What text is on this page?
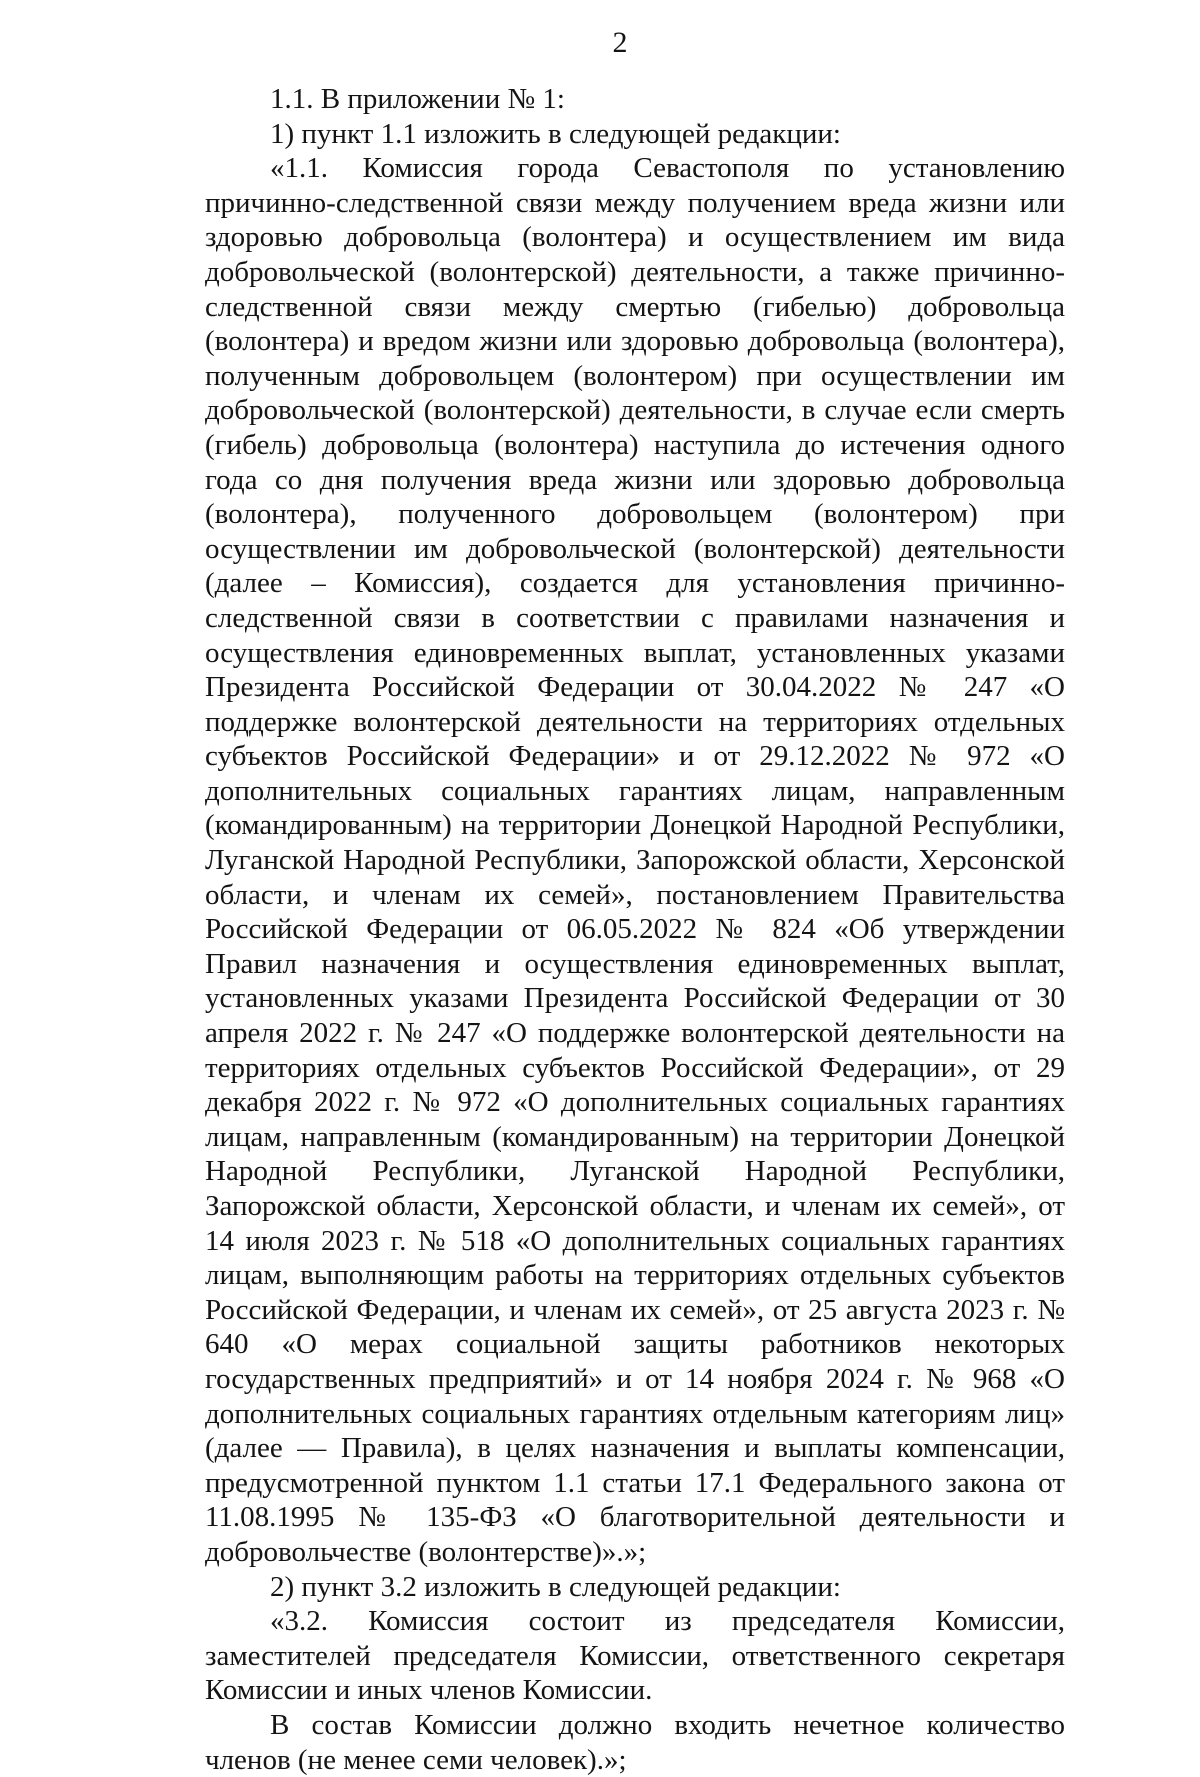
2

1.1. В приложении № 1:

1) пункт 1.1 изложить в следующей редакции:

«1.1. Комиссия города Севастополя по установлению причинно-следственной связи между получением вреда жизни или здоровью добровольца (волонтера) и осуществлением им вида добровольческой (волонтерской) деятельности, а также причинно-следственной связи между смертью (гибелью) добровольца (волонтера) и вредом жизни или здоровью добровольца (волонтера), полученным добровольцем (волонтером) при осуществлении им добровольческой (волонтерской) деятельности, в случае если смерть (гибель) добровольца (волонтера) наступила до истечения одного года со дня получения вреда жизни или здоровью добровольца (волонтера), полученного добровольцем (волонтером) при осуществлении им добровольческой (волонтерской) деятельности (далее – Комиссия), создается для установления причинно-следственной связи в соответствии с правилами назначения и осуществления единовременных выплат, установленных указами Президента Российской Федерации от 30.04.2022 № 247 «О поддержке волонтерской деятельности на территориях отдельных субъектов Российской Федерации» и от 29.12.2022 № 972 «О дополнительных социальных гарантиях лицам, направленным (командированным) на территории Донецкой Народной Республики, Луганской Народной Республики, Запорожской области, Херсонской области, и членам их семей», постановлением Правительства Российской Федерации от 06.05.2022 № 824 «Об утверждении Правил назначения и осуществления единовременных выплат, установленных указами Президента Российской Федерации от 30 апреля 2022 г. № 247 «О поддержке волонтерской деятельности на территориях отдельных субъектов Российской Федерации», от 29 декабря 2022 г. № 972 «О дополнительных социальных гарантиях лицам, направленным (командированным) на территории Донецкой Народной Республики, Луганской Народной Республики, Запорожской области, Херсонской области, и членам их семей», от 14 июля 2023 г. № 518 «О дополнительных социальных гарантиях лицам, выполняющим работы на территориях отдельных субъектов Российской Федерации, и членам их семей», от 25 августа 2023 г. № 640 «О мерах социальной защиты работников некоторых государственных предприятий» и от 14 ноября 2024 г. № 968 «О дополнительных социальных гарантиях отдельным категориям лиц» (далее — Правила), в целях назначения и выплаты компенсации, предусмотренной пунктом 1.1 статьи 17.1 Федерального закона от 11.08.1995 № 135-ФЗ «О благотворительной деятельности и добровольчестве (волонтерстве)».»;

2) пункт 3.2 изложить в следующей редакции:

«3.2. Комиссия состоит из председателя Комиссии, заместителей председателя Комиссии, ответственного секретаря Комиссии и иных членов Комиссии.

В состав Комиссии должно входить нечетное количество членов (не менее семи человек).»;
